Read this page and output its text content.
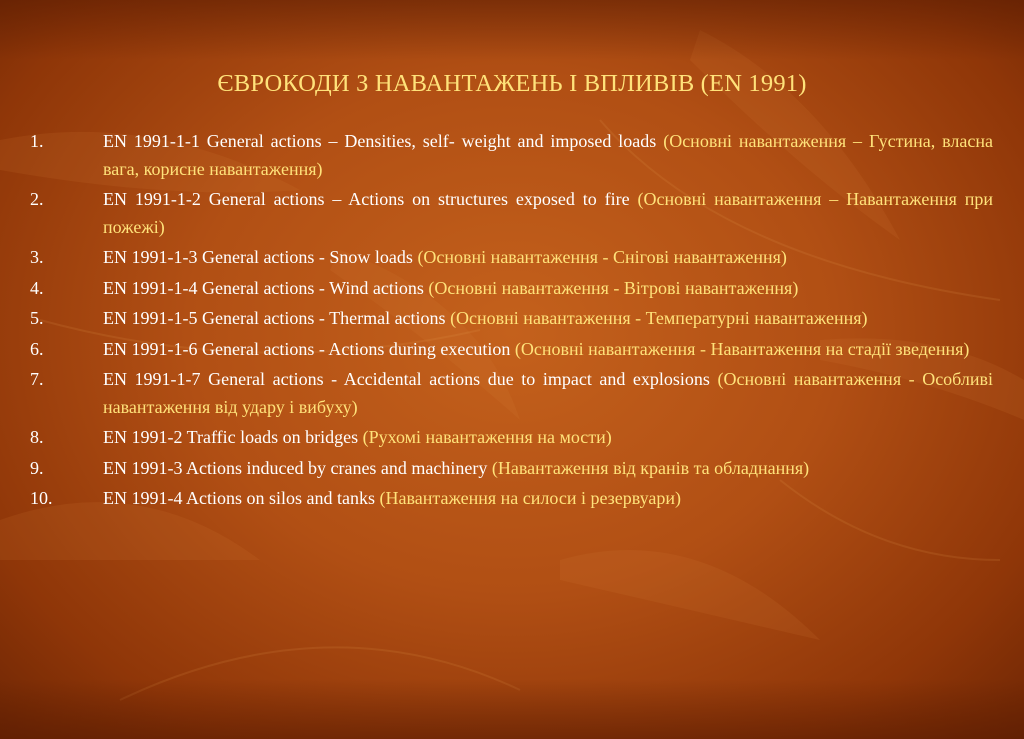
ЄВРОКОДИ З НАВАНТАЖЕНЬ І ВПЛИВІВ (EN 1991)
1.	EN 1991-1-1 General actions – Densities, self- weight and imposed loads (Основні навантаження – Густина, власна вага, корисне навантаження)
2.	EN 1991-1-2 General actions – Actions on structures exposed to fire (Основні навантаження – Навантаження при пожежі)
3.	EN 1991-1-3 General actions - Snow loads (Основні навантаження - Снігові навантаження)
4.	EN 1991-1-4 General actions - Wind actions (Основні навантаження - Вітрові навантаження)
5.	EN 1991-1-5 General actions - Thermal actions (Основні навантаження - Температурні навантаження)
6.	EN 1991-1-6 General actions - Actions during execution (Основні навантаження - Навантаження на стадії зведення)
7.	EN 1991-1-7 General actions - Accidental actions due to impact and explosions (Основні навантаження - Особливі навантаження від удару і вибуху)
8.	EN 1991-2 Traffic loads on bridges (Рухомі навантаження на мости)
9.	EN 1991-3 Actions induced by cranes and machinery (Навантаження від кранів та обладнання)
10.	EN 1991-4 Actions on silos and tanks (Навантаження на силоси і резервуари)
